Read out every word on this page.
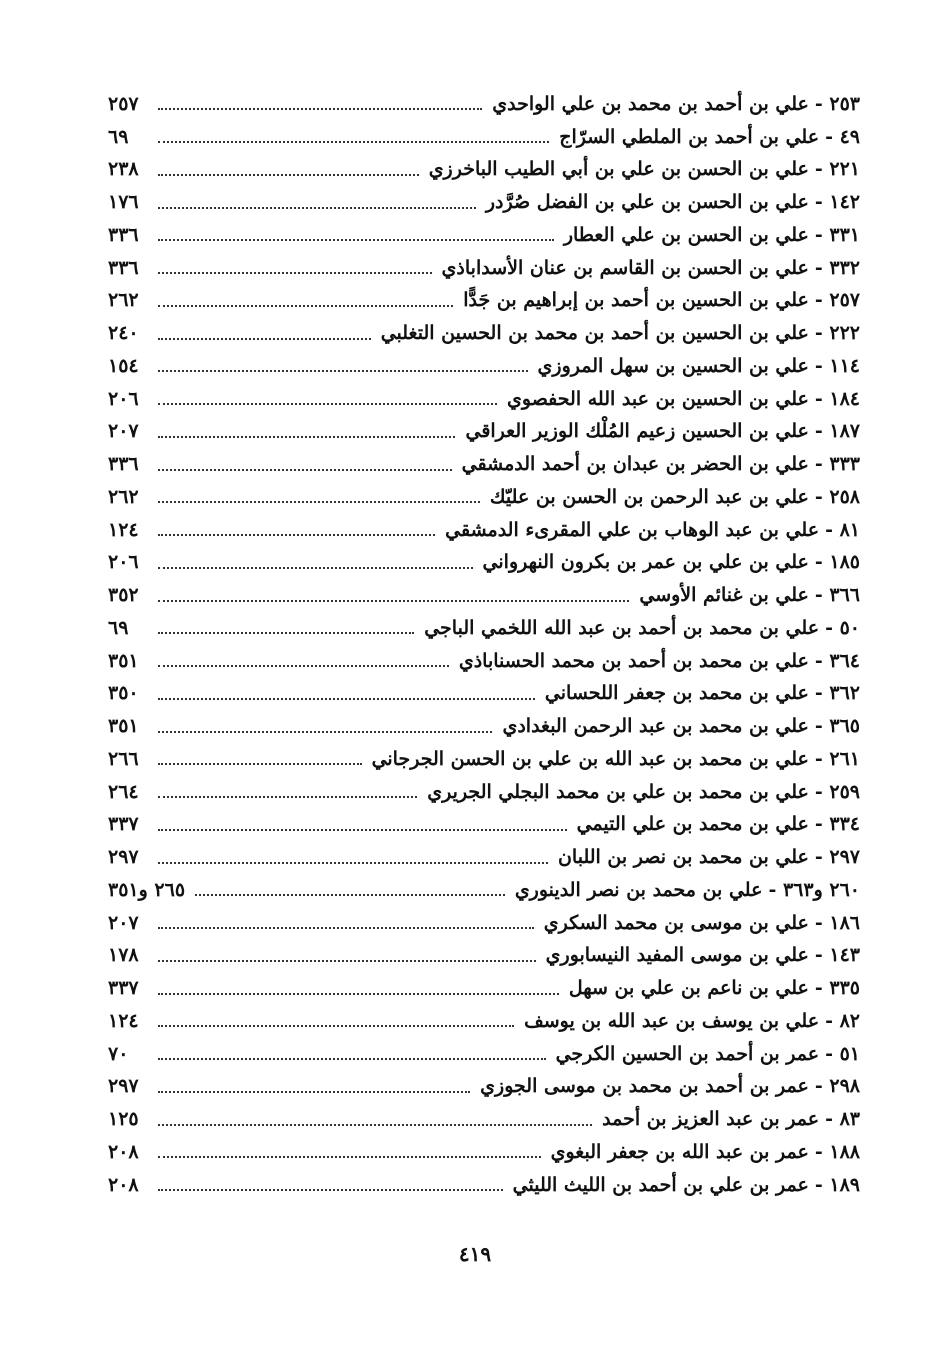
٢٥٣ -
علي بن أحمد بن محمد بن علي الواحدي
٢٥٧
٤٩ -
علي بن أحمد بن الملطي السرّاج
٦٩
٢٢١ -
علي بن الحسن بن علي بن أبي الطيب الباخرزي
٢٣٨
١٤٢ -
علي بن الحسن بن علي بن الفضل صُرَّدر
١٧٦
٣٣١ -
علي بن الحسن بن علي العطار
٣٣٦
٣٣٢ -
علي بن الحسن بن القاسم بن عنان الأسداباذي
٣٣٦
٢٥٧ -
علي بن الحسين بن أحمد بن إبراهيم بن جَدًّا
٢٦٢
٢٢٢ -
علي بن الحسين بن أحمد بن محمد بن الحسين التغلبي
٢٤٠
١١٤ -
علي بن الحسين بن سهل المروزي
١٥٤
١٨٤ -
علي بن الحسين بن عبد الله الحفصوي
٢٠٦
١٨٧ -
علي بن الحسين زعيم المُلْك الوزير العراقي
٢٠٧
٣٣٣ -
علي بن الحضر بن عبدان بن أحمد الدمشقي
٣٣٦
٢٥٨ -
علي بن عبد الرحمن بن الحسن بن عليّك
٢٦٢
٨١ -
علي بن عبد الوهاب بن علي المقرىء الدمشقي
١٢٤
١٨٥ -
علي بن علي بن عمر بن بكرون النهرواني
٢٠٦
٣٦٦ -
علي بن غنائم الأوسي
٣٥٢
٥٠ -
علي بن محمد بن أحمد بن عبد الله اللخمي الباجي
٦٩
٣٦٤ -
علي بن محمد بن أحمد بن محمد الحسناباذي
٣٥١
٣٦٢ -
علي بن محمد بن جعفر اللحساني
٣٥٠
٣٦٥ -
علي بن محمد بن عبد الرحمن البغدادي
٣٥١
٢٦١ -
علي بن محمد بن عبد الله بن علي بن الحسن الجرجاني
٢٦٦
٢٥٩ -
علي بن محمد بن علي بن محمد البجلي الجريري
٢٦٤
٣٣٤ -
علي بن محمد بن علي التيمي
٣٣٧
٢٩٧ -
علي بن محمد بن نصر بن اللبان
٢٩٧
٢٦٠ و٣٦٣ -
علي بن محمد بن نصر الدينوري
٢٦٥ و٣٥١
١٨٦ -
علي بن موسى بن محمد السكري
٢٠٧
١٤٣ -
علي بن موسى المفيد النيسابوري
١٧٨
٣٣٥ -
علي بن ناعم بن علي بن سهل
٣٣٧
٨٢ -
علي بن يوسف بن عبد الله بن يوسف
١٢٤
٥١ -
عمر بن أحمد بن الحسين الكرجي
٧٠
٢٩٨ -
عمر بن أحمد بن محمد بن موسى الجوزي
٢٩٧
٨٣ -
عمر بن عبد العزيز بن أحمد
١٢٥
١٨٨ -
عمر بن عبد الله بن جعفر البغوي
٢٠٨
١٨٩ -
عمر بن علي بن أحمد بن الليث الليثي
٢٠٨
٤١٩
